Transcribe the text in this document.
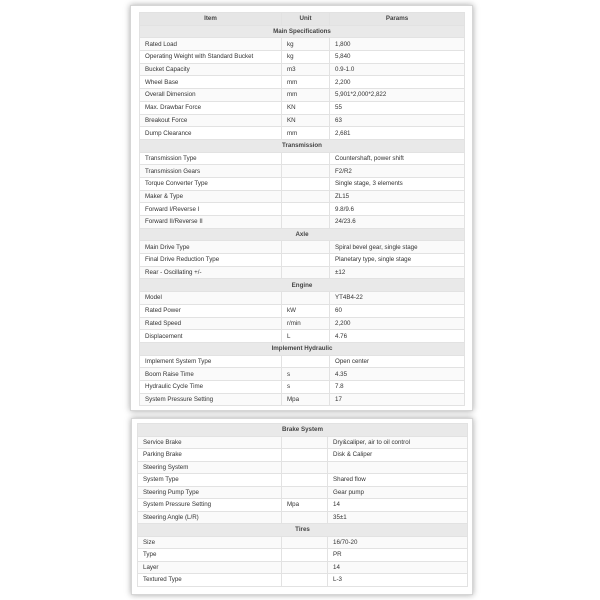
Item	Unit	Params
Main Specifications		
Rated Load	kg	1,800
Operating Weight with Standard Bucket	kg	5,840
Bucket Capacity	m3	0.9-1.0
Wheel Base	mm	2,200
Overall Dimension	mm	5,901*2,000*2,822
Max. Drawbar Force	KN	55
Breakout Force	KN	63
Dump Clearance	mm	2,681
Transmission		
Transmission Type		Countershaft, power shift
Transmission Gears		F2/R2
Torque Converter Type		Single stage, 3 elements
Maker & Type		ZL15
Forward I/Reverse I		9.8/9.6
Forward II/Reverse II		24/23.6
Axle		
Main Drive Type		Spiral bevel gear, single stage
Final Drive Reduction Type		Planetary type, single stage
Rear - Oscillating +/-		±12
Engine		
Model		YT4B4-22
Rated Power	kW	60
Rated Speed	r/min	2,200
Displacement	L	4.76
Implement Hydraulic		
Implement System Type		Open center
Boom Raise Time	s	4.35
Hydraulic Cycle Time	s	7.8
System Pressure Setting	Mpa	17
Brake System		
Service Brake		Dry&caliper, air to oil control
Parking Brake		Disk & Caliper
Steering System		
System Type		Shared flow
Steering Pump Type		Gear pump
System Pressure Setting	Mpa	14
Steering Angle (L/R)		35±1
Tires		
Size		16/70-20
Type		PR
Layer		14
Textured Type		L-3
